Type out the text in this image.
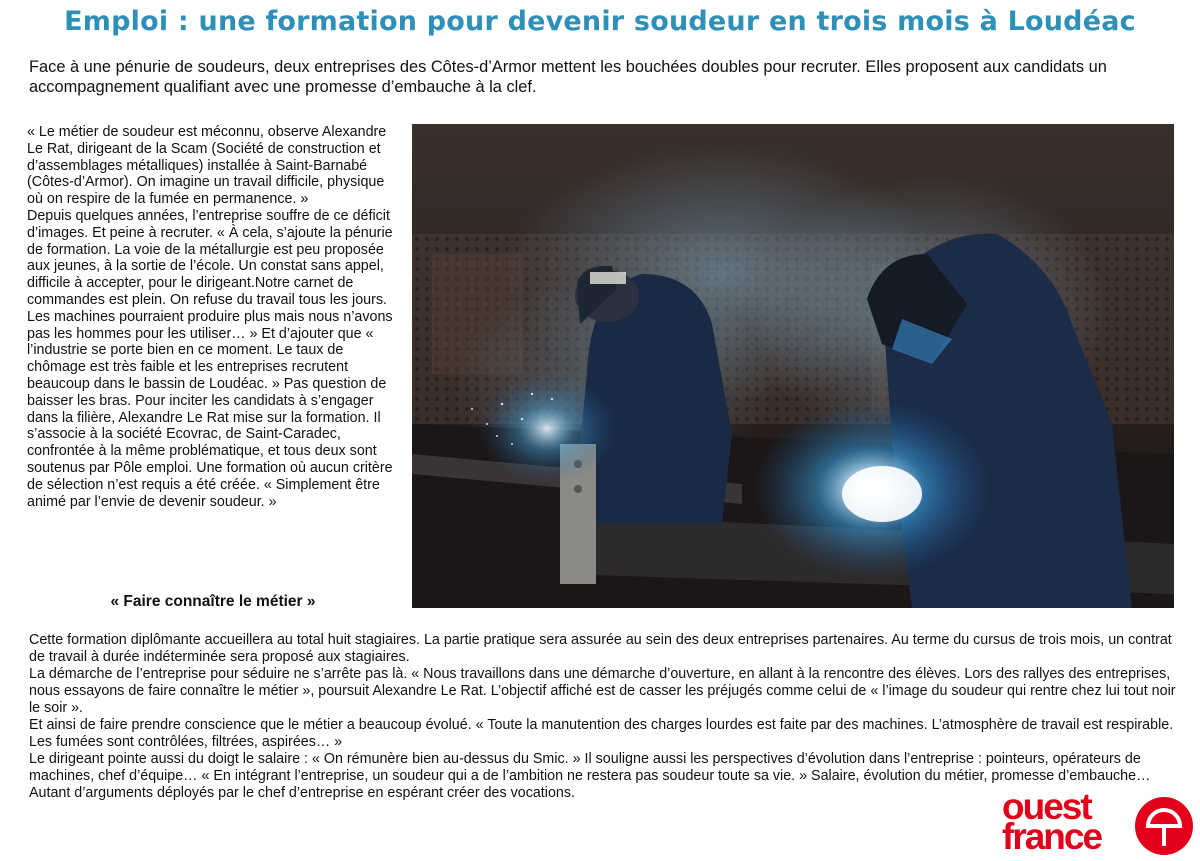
Emploi : une formation pour devenir soudeur en trois mois à Loudéac

Face à une pénurie de soudeurs, deux entreprises des Côtes-d’Armor mettent les bouchées doubles pour recruter. Elles proposent aux candidats un accompagnement qualifiant avec une promesse d’embauche à la clef.

« Le métier de soudeur est méconnu, observe Alexandre Le Rat, dirigeant de la Scam (Société de construction et d’assemblages métalliques) installée à Saint-Barnabé (Côtes-d’Armor). On imagine un travail difficile, physique où on respire de la fumée en permanence. »

Depuis quelques années, l’entreprise souffre de ce déficit d’images. Et peine à recruter. « À cela, s’ajoute la pénurie de formation. La voie de la métallurgie est peu proposée aux jeunes, à la sortie de l’école. Un constat sans appel, difficile à accepter, pour le dirigeant.Notre carnet de commandes est plein. On refuse du travail tous les jours. Les machines pourraient produire plus mais nous n’avons pas les hommes pour les utiliser… » Et d’ajouter que « l’industrie se porte bien en ce moment. Le taux de chômage est très faible et les entreprises recrutent beaucoup dans le bassin de Loudéac. » Pas question de baisser les bras. Pour inciter les candidats à s’engager dans la filière, Alexandre Le Rat mise sur la formation. Il s’associe à la société Ecovrac, de Saint-Caradec, confrontée à la même problématique, et tous deux sont soutenus par Pôle emploi. Une formation où aucun critère de sélection n’est requis a été créée. « Simplement être animé par l’envie de devenir soudeur. »

« Faire connaître le métier »

Cette formation diplômante accueillera au total huit stagiaires. La partie pratique sera assurée au sein des deux entreprises partenaires. Au terme du cursus de trois mois, un contrat de travail à durée indéterminée sera proposé aux stagiaires.

La démarche de l’entreprise pour séduire ne s’arrête pas là. « Nous travaillons dans une démarche d’ouverture, en allant à la rencontre des élèves. Lors des rallyes des entreprises, nous essayons de faire connaître le métier », poursuit Alexandre Le Rat. L’objectif affiché est de casser les préjugés comme celui de « l’image du soudeur qui rentre chez lui tout noir le soir ».

Et ainsi de faire prendre conscience que le métier a beaucoup évolué. « Toute la manutention des charges lourdes est faite par des machines. L’atmosphère de travail est respirable. Les fumées sont contrôlées, filtrées, aspirées… »

Le dirigeant pointe aussi du doigt le salaire : « On rémunère bien au-dessus du Smic. » Il souligne aussi les perspectives d’évolution dans l’entreprise : pointeurs, opérateurs de machines, chef d’équipe… « En intégrant l’entreprise, un soudeur qui a de l’ambition ne restera pas soudeur toute sa vie. » Salaire, évolution du métier, promesse d’embauche… Autant d’arguments déployés par le chef d’entreprise en espérant créer des vocations.	ouest
france
